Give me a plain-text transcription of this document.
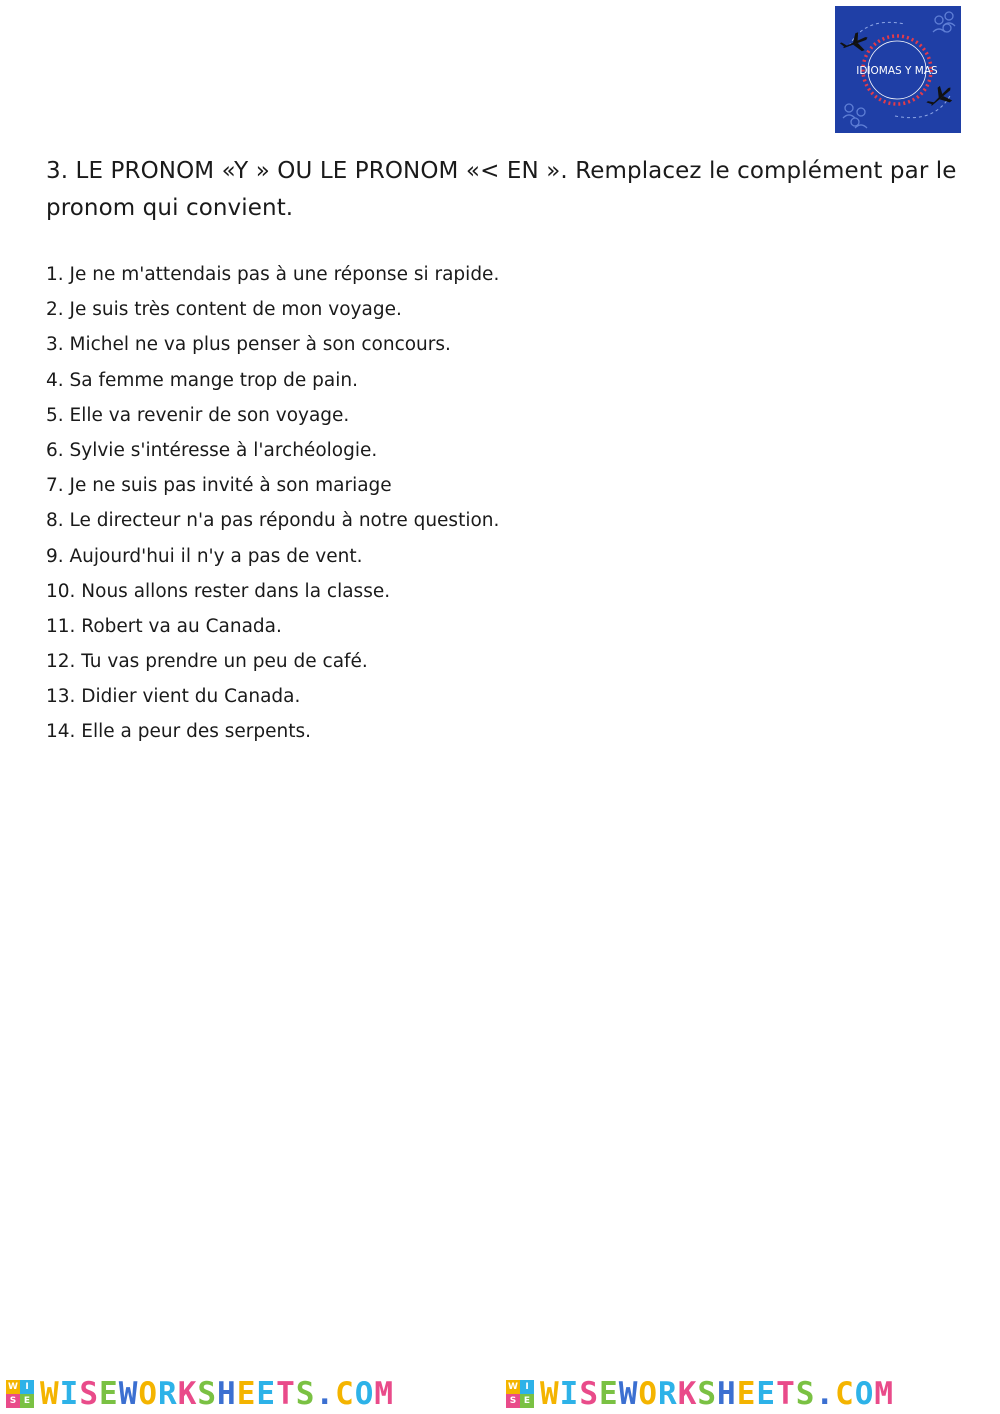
IDIOMAS Y MAS
3. LE PRONOM «Y » OU LE PRONOM «< EN ». Remplacez le complément par le pronom qui convient.
1. Je ne m'attendais pas à une réponse si rapide.
2. Je suis très content de mon voyage.
3. Michel ne va plus penser à son concours.
4. Sa femme mange trop de pain.
5. Elle va revenir de son voyage.
6. Sylvie s'intéresse à l'archéologie.
7. Je ne suis pas invité à son mariage
8. Le directeur n'a pas répondu à notre question.
9. Aujourd'hui il n'y a pas de vent.
10. Nous allons rester dans la classe.
11. Robert va au Canada.
12. Tu vas prendre un peu de café.
13. Didier vient du Canada.
14. Elle a peur des serpents.
W I
S E WISEWORKSHEETS.COM	W I
S E WISEWORKSHEETS.COM
